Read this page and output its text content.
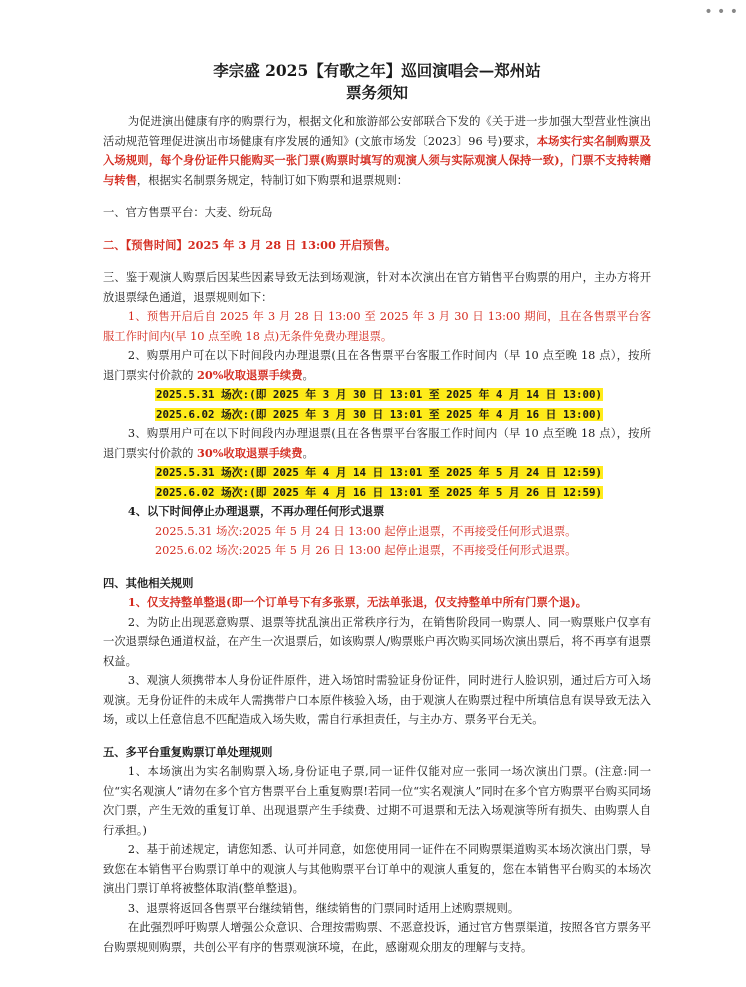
• • •
李宗盛 2025【有歌之年】巡回演唱会—郑州站
票务须知

为促进演出健康有序的购票行为，根据文化和旅游部公安部联合下发的《关于进一步加强大型营业性演出活动规范管理促进演出市场健康有序发展的通知》(文旅市场发〔2023〕96 号)要求，本场实行实名制购票及入场规则，每个身份证件只能购买一张门票(购票时填写的观演人须与实际观演人保持一致)，门票不支持转赠与转售，根据实名制票务规定，特制订如下购票和退票规则：

一、官方售票平台：大麦、纷玩岛

二、【预售时间】2025 年 3 月 28 日 13:00 开启预售。

三、鉴于观演人购票后因某些因素导致无法到场观演，针对本次演出在官方销售平台购票的用户，主办方将开放退票绿色通道，退票规则如下：

1、预售开启后自 2025 年 3 月 28 日 13:00 至 2025 年 3 月 30 日 13:00 期间，且在各售票平台客服工作时间内(早 10 点至晚 18 点)无条件免费办理退票。

2、购票用户可在以下时间段内办理退票(且在各售票平台客服工作时间内（早 10 点至晚 18 点），按所退门票实付价款的 20%收取退票手续费。

2025.5.31 场次:(即 2025 年 3 月 30 日 13:01 至 2025 年 4 月 14 日 13:00)
2025.6.02 场次:(即 2025 年 3 月 30 日 13:01 至 2025 年 4 月 16 日 13:00)

3、购票用户可在以下时间段内办理退票(且在各售票平台客服工作时间内（早 10 点至晚 18 点），按所退门票实付价款的 30%收取退票手续费。

2025.5.31 场次:(即 2025 年 4 月 14 日 13:01 至 2025 年 5 月 24 日 12:59)
2025.6.02 场次:(即 2025 年 4 月 16 日 13:01 至 2025 年 5 月 26 日 12:59)

4、以下时间停止办理退票，不再办理任何形式退票

2025.5.31 场次:2025 年 5 月 24 日 13:00 起停止退票，不再接受任何形式退票。
2025.6.02 场次:2025 年 5 月 26 日 13:00 起停止退票，不再接受任何形式退票。

四、其他相关规则

1、仅支持整单整退(即一个订单号下有多张票，无法单张退，仅支持整单中所有门票个退)。

2、为防止出现恶意购票、退票等扰乱演出正常秩序行为，在销售阶段同一购票人、同一购票账户仅享有一次退票绿色通道权益，在产生一次退票后，如该购票人/购票账户再次购买同场次演出票后，将不再享有退票权益。

3、观演人须携带本人身份证件原件，进入场馆时需验证身份证件，同时进行人脸识别，通过后方可入场观演。无身份证件的未成年人需携带户口本原件核验入场，由于观演人在购票过程中所填信息有误导致无法入场，或以上任意信息不匹配造成入场失败，需自行承担责任，与主办方、票务平台无关。

五、多平台重复购票订单处理规则

1、本场演出为实名制购票入场,身份证电子票,同一证件仅能对应一张同一场次演出门票。(注意:同一位“实名观演人”请勿在多个官方售票平台上重复购票!若同一位“实名观演人”同时在多个官方购票平台购买同场次门票，产生无效的重复订单、出现退票产生手续费、过期不可退票和无法入场观演等所有损失、由购票人自行承担。)

2、基于前述规定，请您知悉、认可并同意，如您使用同一证件在不同购票渠道购买本场次演出门票，导致您在本销售平台购票订单中的观演人与其他购票平台订单中的观演人重复的，您在本销售平台购买的本场次演出门票订单将被整体取消(整单整退)。

3、退票将返回各售票平台继续销售，继续销售的门票同时适用上述购票规则。

在此强烈呼吁购票人增强公众意识、合理按需购票、不恶意投诉，通过官方售票渠道，按照各官方票务平台购票规则购票，共创公平有序的售票观演环境，在此，感谢观众朋友的理解与支持。
